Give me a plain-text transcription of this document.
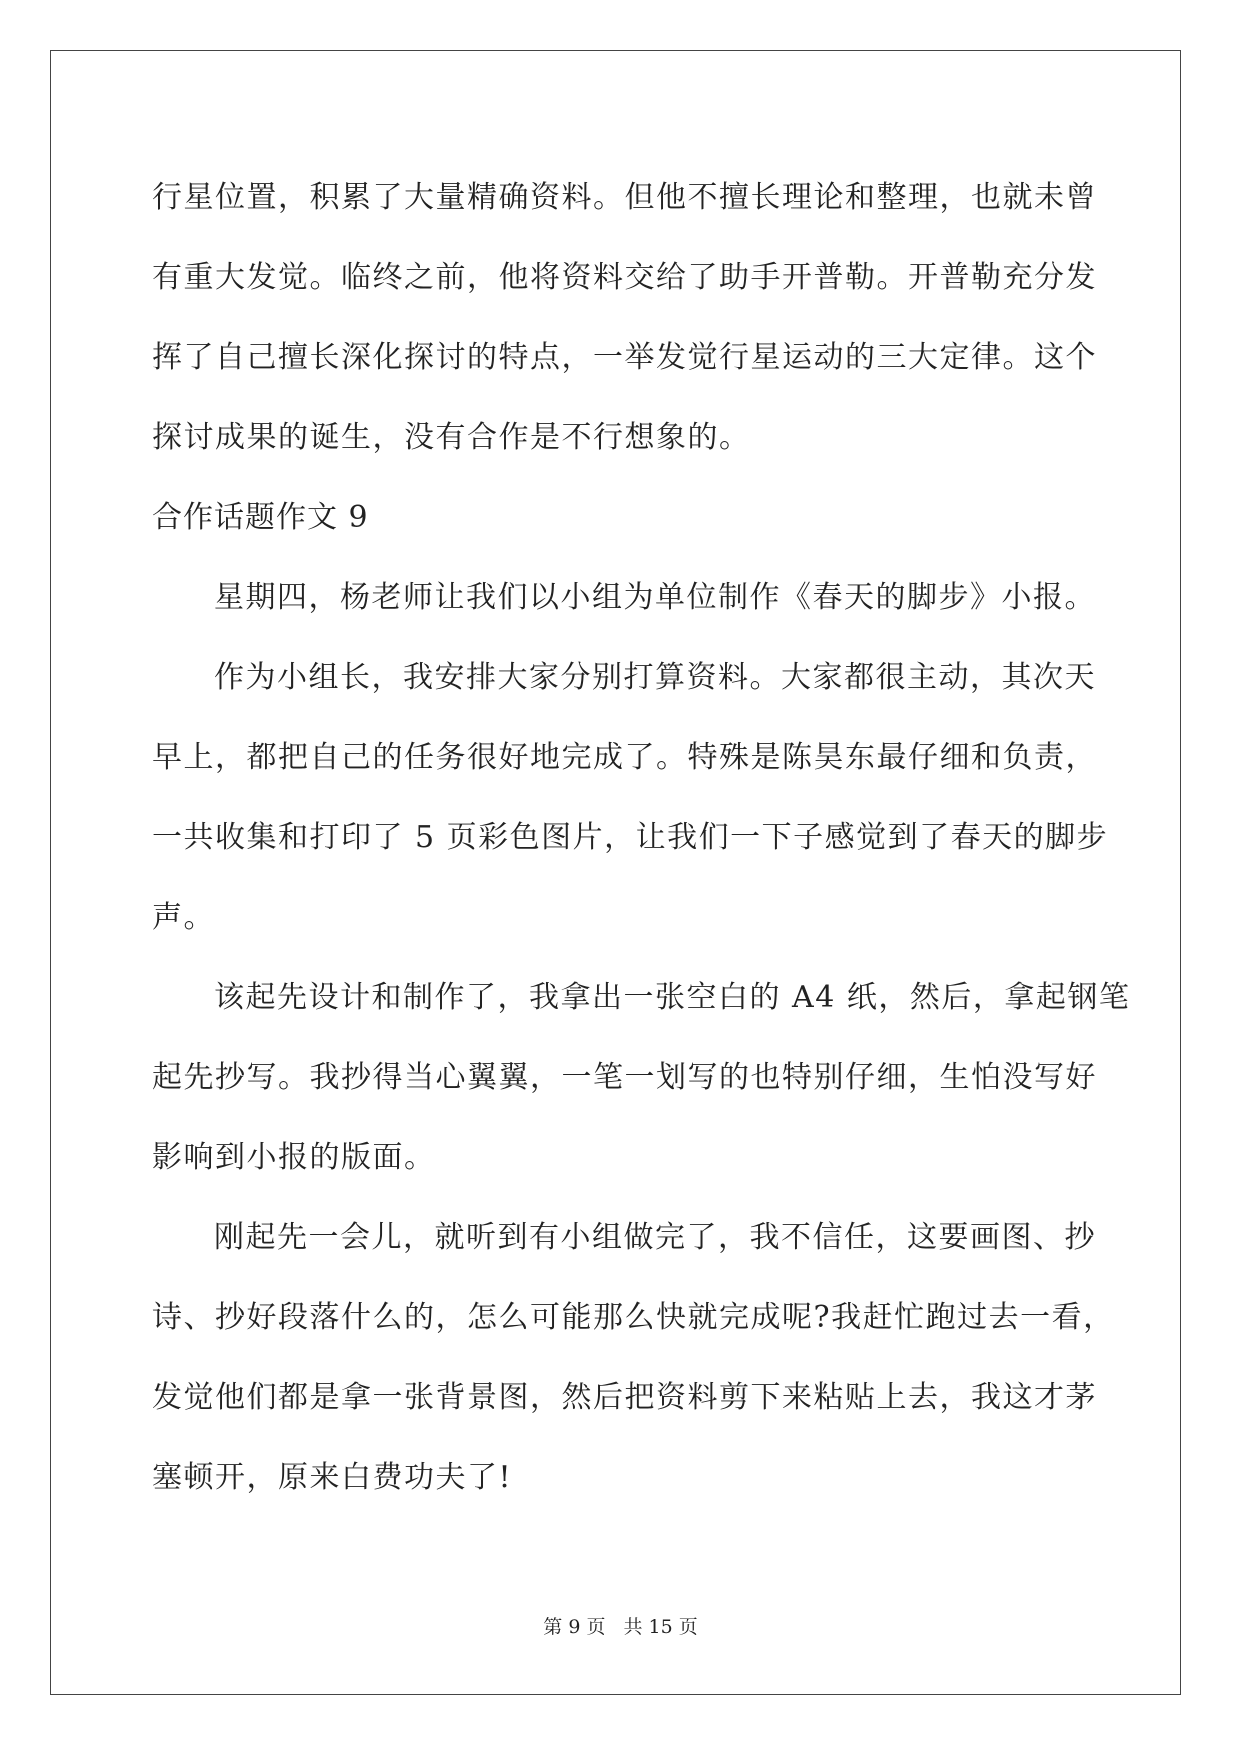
行星位置，积累了大量精确资料。但他不擅长理论和整理，也就未曾
有重大发觉。临终之前，他将资料交给了助手开普勒。开普勒充分发
挥了自己擅长深化探讨的特点，一举发觉行星运动的三大定律。这个
探讨成果的诞生，没有合作是不行想象的。
合作话题作文 9
星期四，杨老师让我们以小组为单位制作《春天的脚步》小报。
作为小组长，我安排大家分别打算资料。大家都很主动，其次天
早上，都把自己的任务很好地完成了。特殊是陈昊东最仔细和负责，
一共收集和打印了 5 页彩色图片，让我们一下子感觉到了春天的脚步
声。
该起先设计和制作了，我拿出一张空白的 A4 纸，然后，拿起钢笔
起先抄写。我抄得当心翼翼，一笔一划写的也特别仔细，生怕没写好
影响到小报的版面。
刚起先一会儿，就听到有小组做完了，我不信任，这要画图、抄
诗、抄好段落什么的，怎么可能那么快就完成呢?我赶忙跑过去一看，
发觉他们都是拿一张背景图，然后把资料剪下来粘贴上去，我这才茅
塞顿开，原来白费功夫了!
第 9 页 共 15 页
